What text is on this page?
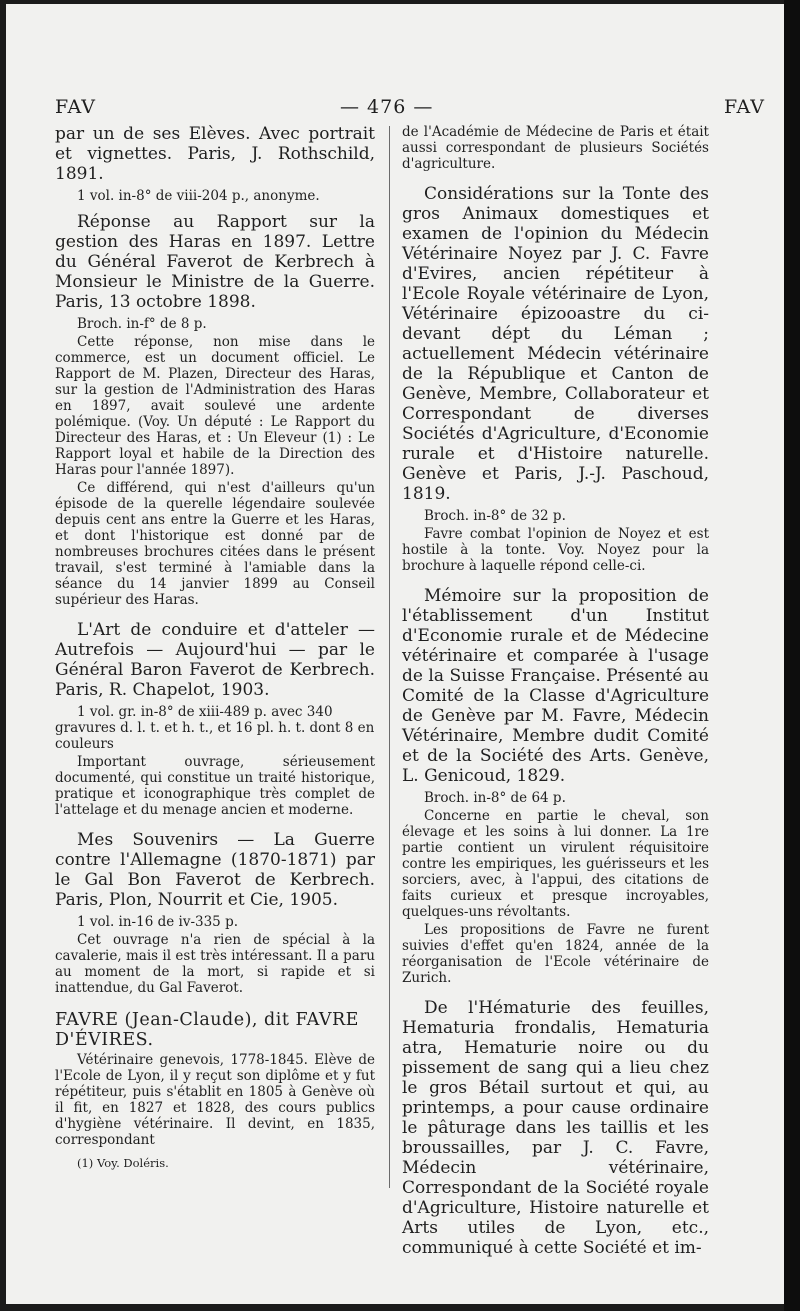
FAV	— 476 —	FAV

par un de ses Elèves. Avec portrait et vignettes. Paris, J. Rothschild, 1891.

1 vol. in-8° de viii-204 p., anonyme.

Réponse au Rapport sur la gestion des Haras en 1897. Lettre du Général Faverot de Kerbrech à Monsieur le Ministre de la Guerre. Paris, 13 octobre 1898.

Broch. in-f° de 8 p.

Cette réponse, non mise dans le commerce, est un document officiel. Le Rapport de M. Plazen, Directeur des Haras, sur la gestion de l'Administration des Haras en 1897, avait soulevé une ardente polémique. (Voy. Un député : Le Rapport du Directeur des Haras, et : Un Eleveur (1) : Le Rapport loyal et habile de la Direction des Haras pour l'année 1897).

Ce différend, qui n'est d'ailleurs qu'un épisode de la querelle légendaire soulevée depuis cent ans entre la Guerre et les Haras, et dont l'historique est donné par de nombreuses brochures citées dans le présent travail, s'est terminé à l'amiable dans la séance du 14 janvier 1899 au Conseil supérieur des Haras.

L'Art de conduire et d'atteler — Autrefois — Aujourd'hui — par le Général Baron Faverot de Kerbrech. Paris, R. Chapelot, 1903.

1 vol. gr. in-8° de xiii-489 p. avec 340 gravures d. l. t. et h. t., et 16 pl. h. t. dont 8 en couleurs

Important ouvrage, sérieusement documenté, qui constitue un traité historique, pratique et iconographique très complet de l'attelage et du menage ancien et moderne.

Mes Souvenirs — La Guerre contre l'Allemagne (1870-1871) par le Gal Bon Faverot de Kerbrech. Paris, Plon, Nourrit et Cie, 1905.

1 vol. in-16 de iv-335 p.

Cet ouvrage n'a rien de spécial à la cavalerie, mais il est très intéressant. Il a paru au moment de la mort, si rapide et si inattendue, du Gal Faverot.

FAVRE (Jean-Claude), dit FAVRE D'ÉVIRES.

Vétérinaire genevois, 1778-1845. Elève de l'Ecole de Lyon, il y reçut son diplôme et y fut répétiteur, puis s'établit en 1805 à Genève où il fit, en 1827 et 1828, des cours publics d'hygiène vétérinaire. Il devint, en 1835, correspondant

(1) Voy. Doléris.

de l'Académie de Médecine de Paris et était aussi correspondant de plusieurs Sociétés d'agriculture.

Considérations sur la Tonte des gros Animaux domestiques et examen de l'opinion du Médecin Vétérinaire Noyez par J. C. Favre d'Evires, ancien répétiteur à l'Ecole Royale vétérinaire de Lyon, Vétérinaire épizooastre du ci-devant dépt du Léman ; actuellement Médecin vétérinaire de la République et Canton de Genève, Membre, Collaborateur et Correspondant de diverses Sociétés d'Agriculture, d'Economie rurale et d'Histoire naturelle. Genève et Paris, J.-J. Paschoud, 1819.

Broch. in-8° de 32 p.

Favre combat l'opinion de Noyez et est hostile à la tonte. Voy. Noyez pour la brochure à laquelle répond celle-ci.

Mémoire sur la proposition de l'établissement d'un Institut d'Economie rurale et de Médecine vétérinaire et comparée à l'usage de la Suisse Française. Présenté au Comité de la Classe d'Agriculture de Genève par M. Favre, Médecin Vétérinaire, Membre dudit Comité et de la Société des Arts. Genève, L. Genicoud, 1829.

Broch. in-8° de 64 p.

Concerne en partie le cheval, son élevage et les soins à lui donner. La 1re partie contient un virulent réquisitoire contre les empiriques, les guérisseurs et les sorciers, avec, à l'appui, des citations de faits curieux et presque incroyables, quelques-uns révoltants.

Les propositions de Favre ne furent suivies d'effet qu'en 1824, année de la réorganisation de l'Ecole vétérinaire de Zurich.

De l'Hématurie des feuilles, Hematuria frondalis, Hematuria atra, Hematurie noire ou du pissement de sang qui a lieu chez le gros Bétail surtout et qui, au printemps, a pour cause ordinaire le pâturage dans les taillis et les broussailles, par J. C. Favre, Médecin vétérinaire, Correspondant de la Société royale d'Agriculture, Histoire naturelle et Arts utiles de Lyon, etc., communiqué à cette Société et im-
